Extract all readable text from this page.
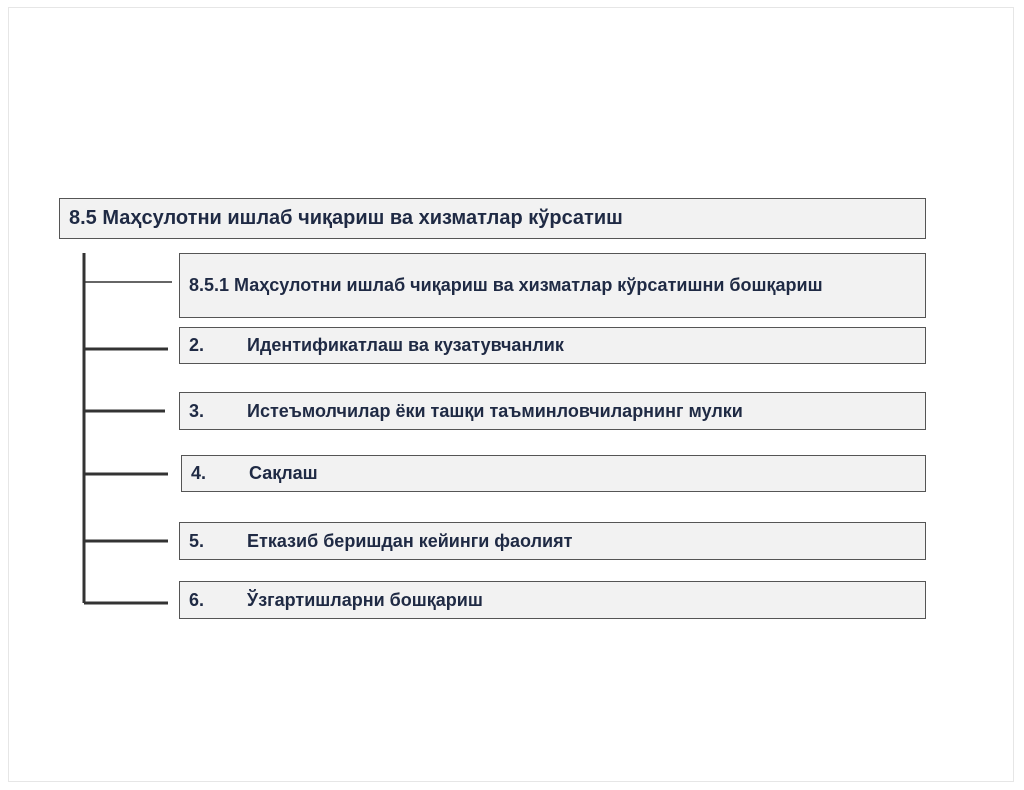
8.5 Маҳсулотни ишлаб чиқариш ва хизматлар кўрсатиш
8.5.1 Маҳсулотни ишлаб чиқариш ва хизматлар кўрсатишни бошқариш
2.	Идентификатлаш ва кузатувчанлик
3.	Истеъмолчилар ёки ташқи таъминловчиларнинг мулки
4.	Сақлаш
5.	Етказиб беришдан кейинги фаолият
6.	Ўзгартишларни бошқариш
